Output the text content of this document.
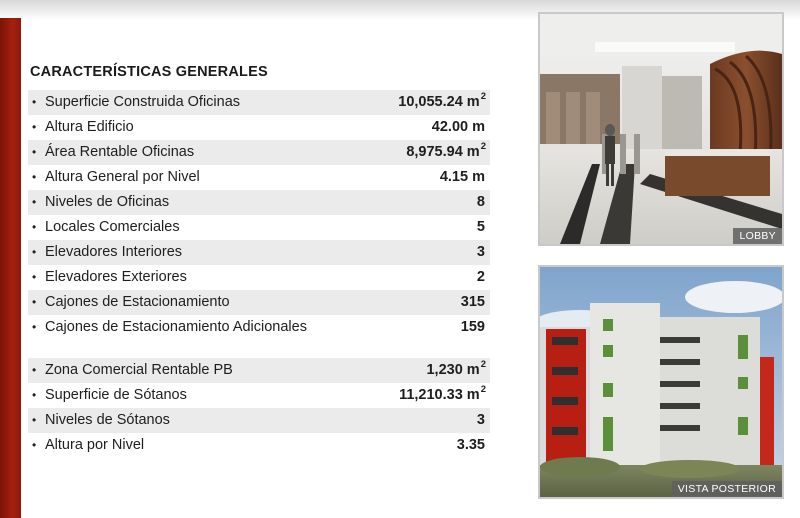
CARACTERÍSTICAS GENERALES
• Superficie Construida Oficinas	10,055.24 $m^2$
• Altura Edificio	42.00 m
• Área Rentable Oficinas	8,975.94 $m^2$
• Altura General por Nivel	4.15 m
• Niveles de Oficinas	8
• Locales Comerciales	5
• Elevadores Interiores	3
• Elevadores Exteriores	2
• Cajones de Estacionamiento	315
• Cajones de Estacionamiento Adicionales	159
• Zona Comercial Rentable PB	1,230 $m^2$
• Superficie de Sótanos	11,210.33 $m^2$
• Niveles de Sótanos	3
• Altura por Nivel	3.35
LOBBY
VISTA POSTERIOR
